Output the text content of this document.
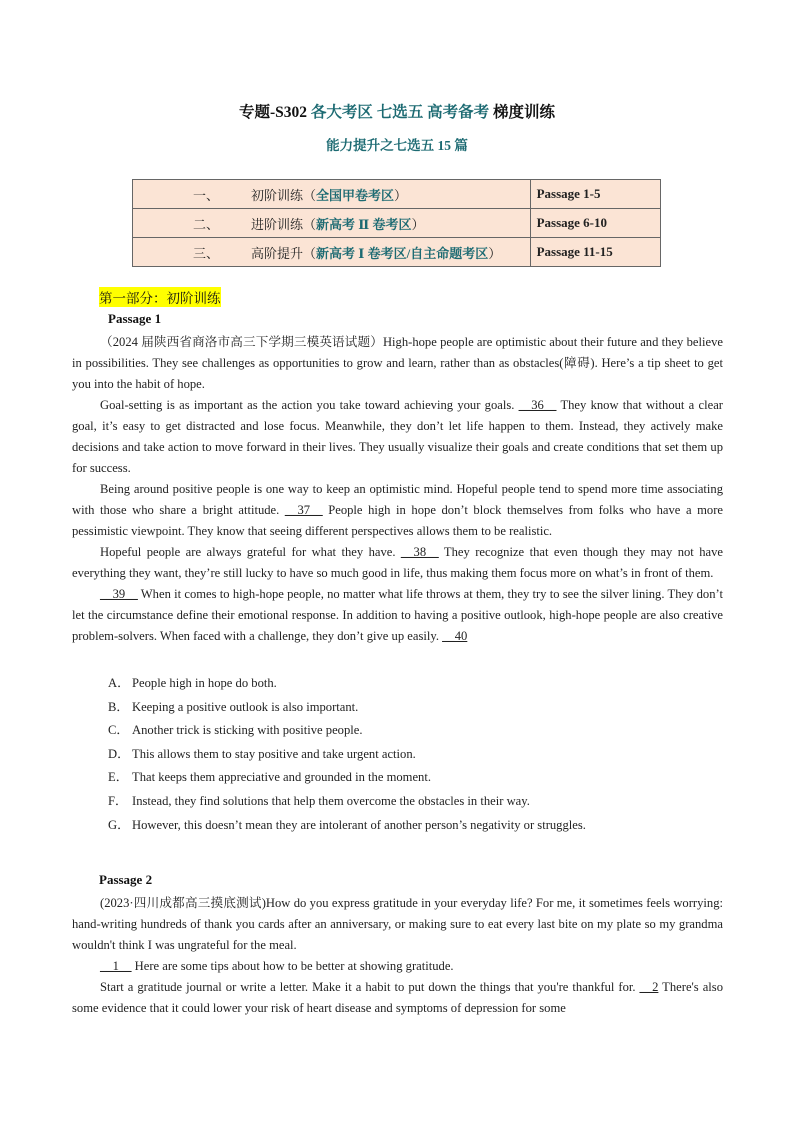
专题-S302 各大考区 七选五 高考备考 梯度训练
能力提升之七选五 15 篇
一、 初阶训练（全国甲卷考区）	Passage 1-5
二、 进阶训练（新高考 Ⅱ 卷考区）	Passage 6-10
三、 高阶提升（新高考 Ⅰ 卷考区/自主命题考区）	Passage 11-15
第一部分：初阶训练
Passage 1

（2024 届陕西省商洛市高三下学期三模英语试题）High-hope people are optimistic about their future and they believe in possibilities. They see challenges as opportunities to grow and learn, rather than as obstacles(障碍). Here’s a tip sheet to get you into the habit of hope.

Goal-setting is as important as the action you take toward achieving your goals. __36__ They know that without a clear goal, it’s easy to get distracted and lose focus. Meanwhile, they don’t let life happen to them. Instead, they actively make decisions and take action to move forward in their lives. They usually visualize their goals and create conditions that set them up for success.

Being around positive people is one way to keep an optimistic mind. Hopeful people tend to spend more time associating with those who share a bright attitude. __37__ People high in hope don’t block themselves from folks who have a more pessimistic viewpoint. They know that seeing different perspectives allows them to be realistic.

Hopeful people are always grateful for what they have. __38__ They recognize that even though they may not have everything they want, they’re still lucky to have so much good in life, thus making them focus more on what’s in front of them.

__39__ When it comes to high-hope people, no matter what life throws at them, they try to see the silver lining. They don’t let the circumstance define their emotional response. In addition to having a positive outlook, high-hope people are also creative problem-solvers. When faced with a challenge, they don’t give up easily. __40

A． People high in hope do both.
B． Keeping a positive outlook is also important.
C． Another trick is sticking with positive people.
D． This allows them to stay positive and take urgent action.
E． That keeps them appreciative and grounded in the moment.
F． Instead, they find solutions that help them overcome the obstacles in their way.
G． However, this doesn’t mean they are intolerant of another person’s negativity or struggles.
Passage 2

(2023·四川成都高三摸底测试)How do you express gratitude in your everyday life? For me, it sometimes feels worrying: hand-writing hundreds of thank you cards after an anniversary, or making sure to eat every last bite on my plate so my grandma wouldn't think I was ungrateful for the meal.

__1__ Here are some tips about how to be better at showing gratitude.

Start a gratitude journal or write a letter. Make it a habit to put down the things that you're thankful for. __2 There's also some evidence that it could lower your risk of heart disease and symptoms of depression for some
